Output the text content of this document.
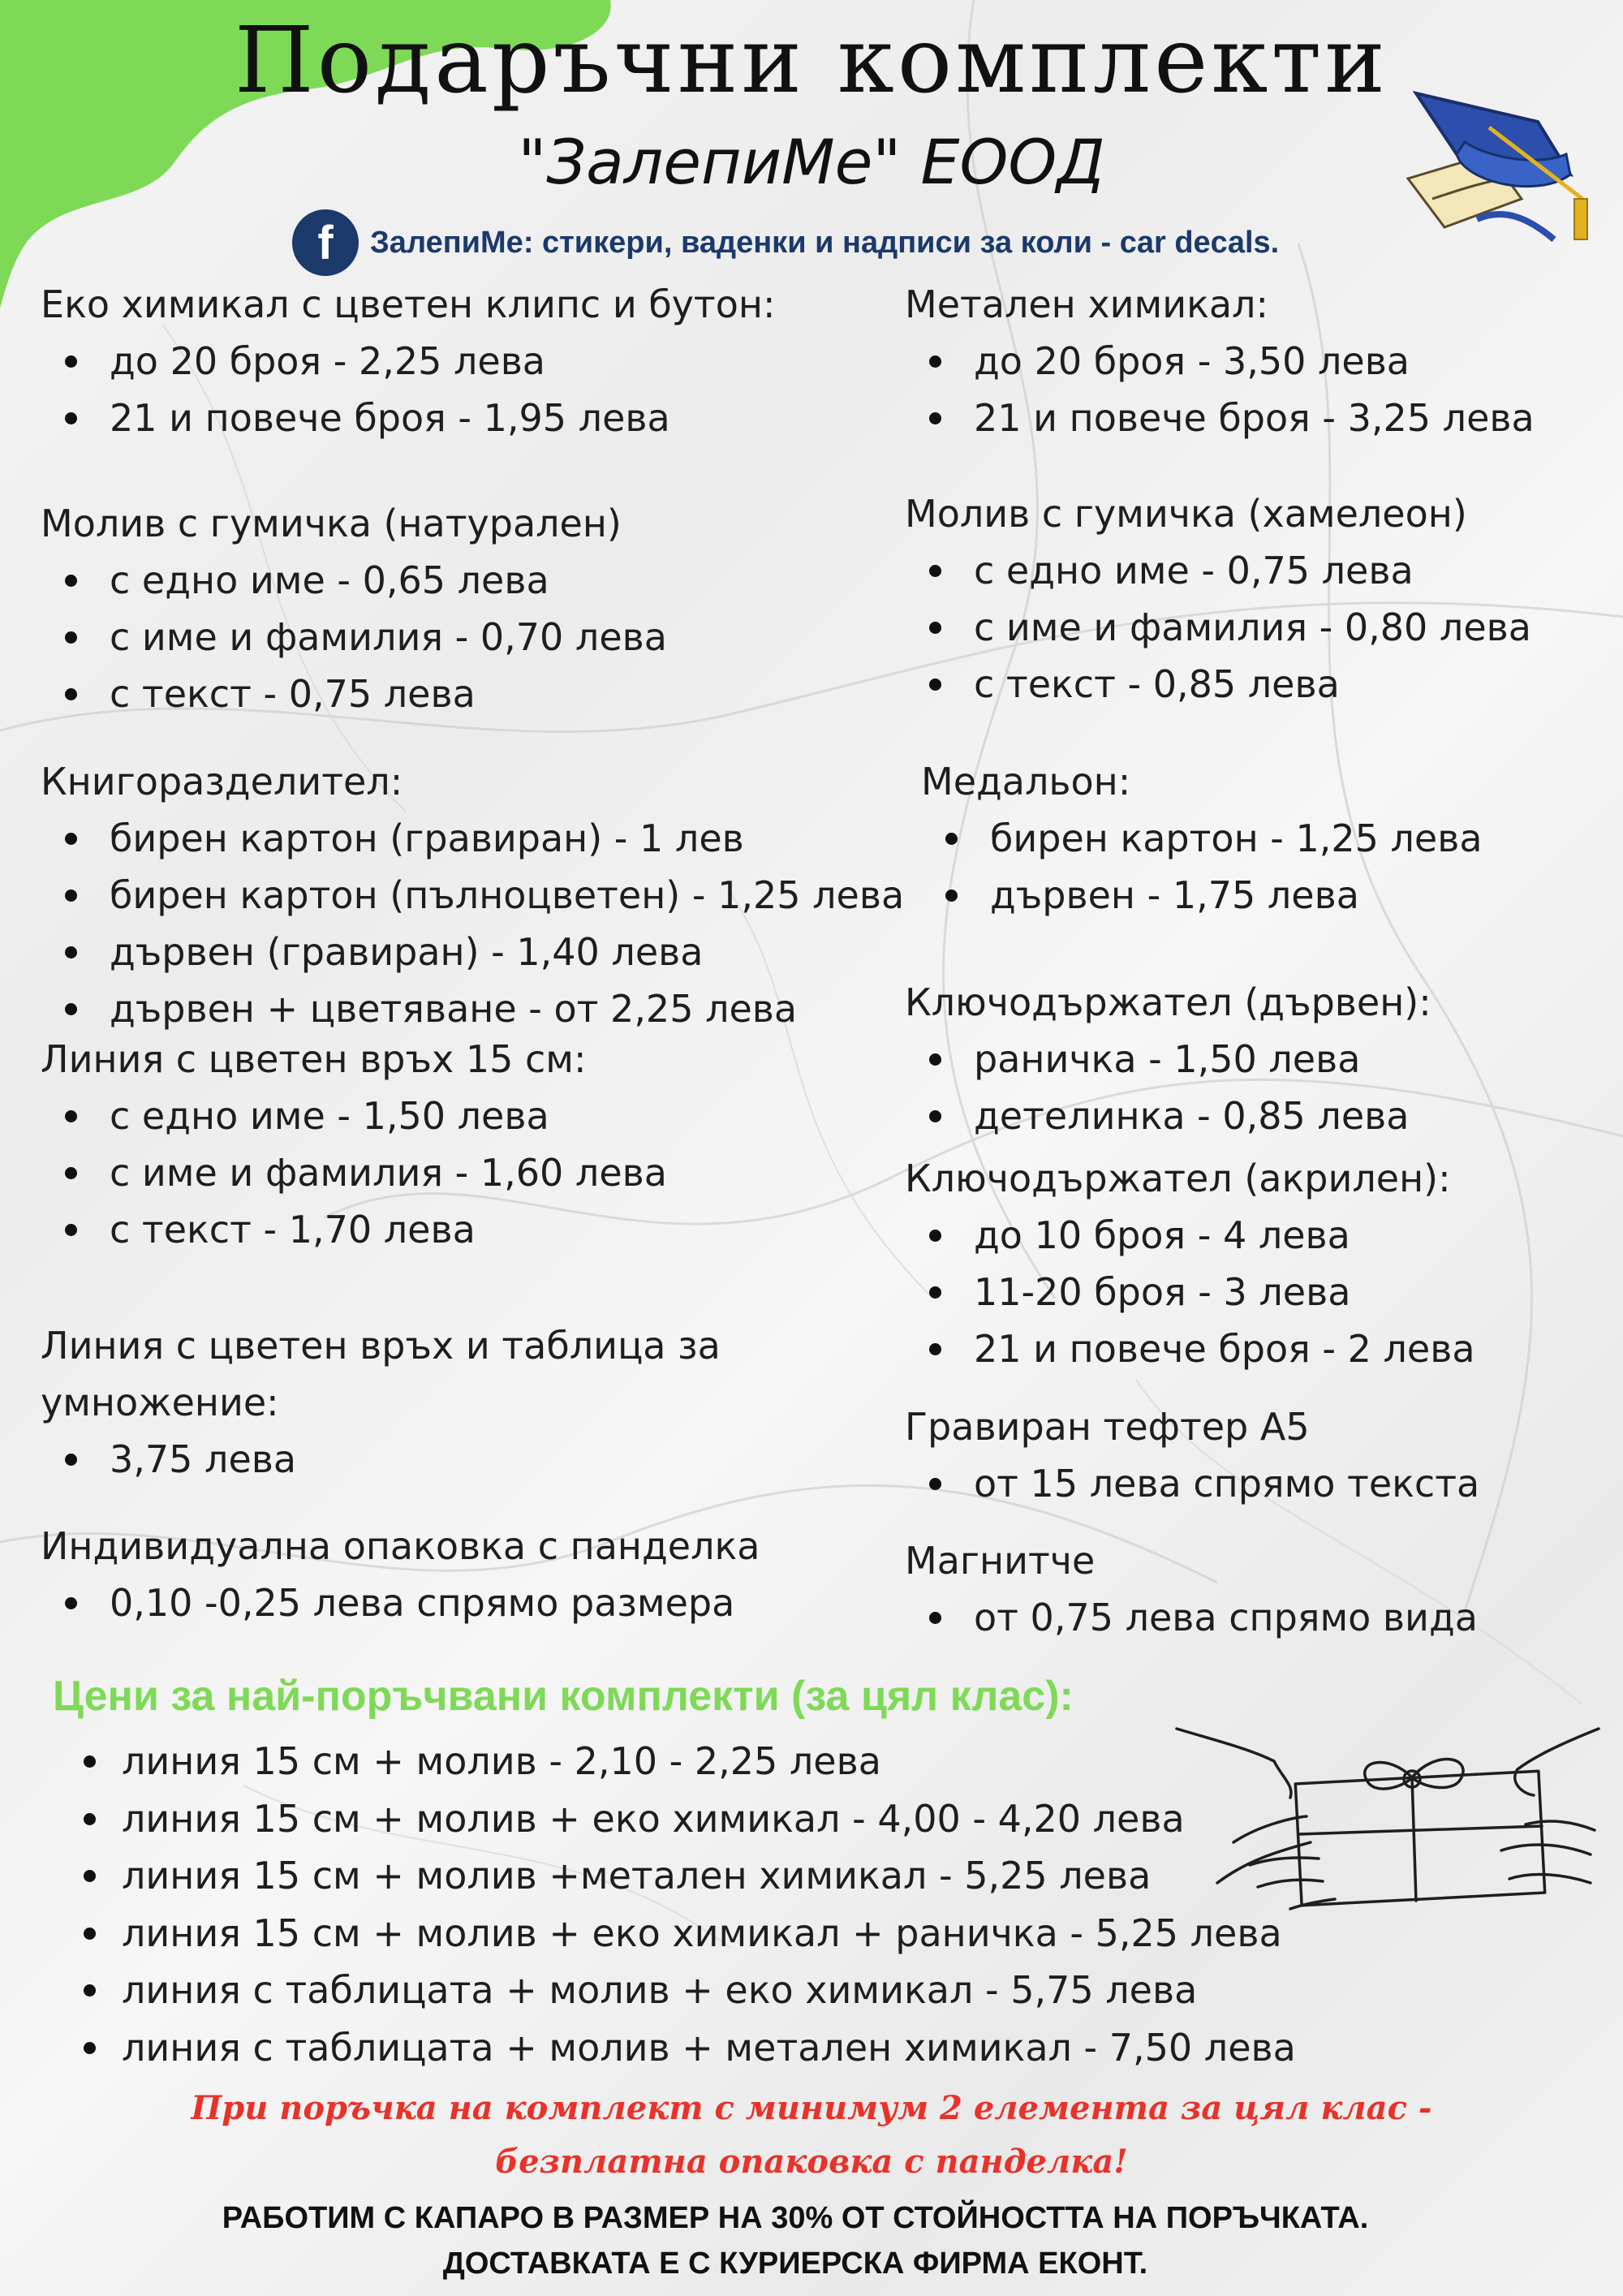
Подаръчни комплекти
"ЗалепиМе" ЕООД
f	ЗалепиМе: стикери, ваденки и надписи за коли - car decals.
Еко химикал с цветен клипс и бутон:
до 20 броя - 2,25 лева
21 и повече броя - 1,95 лева
Молив с гумичка (натурален)
с едно име - 0,65 лева
с име и фамилия - 0,70 лева
с текст - 0,75 лева
Книгоразделител:
бирен картон (гравиран) - 1 лев
бирен картон (пълноцветен) - 1,25 лева
дървен (гравиран) - 1,40 лева
дървен + цветяване - от 2,25 лева
Линия с цветен връх 15 см:
с едно име - 1,50 лева
с име и фамилия - 1,60 лева
с текст - 1,70 лева
Линия с цветен връх и таблица за
умножение:
3,75 лева
Индивидуална опаковка с панделка
0,10 -0,25 лева спрямо размера
Метален химикал:
до 20 броя - 3,50 лева
21 и повече броя - 3,25 лева
Молив с гумичка (хамелеон)
с едно име - 0,75 лева
с име и фамилия - 0,80 лева
с текст - 0,85 лева
Медальон:
бирен картон - 1,25 лева
дървен - 1,75 лева
Ключодържател (дървен):
раничка - 1,50 лева
детелинка - 0,85 лева
Ключодържател (акрилен):
до 10 броя - 4 лева
11-20 броя - 3 лева
21 и повече броя - 2 лева
Гравиран тефтер А5
от 15 лева спрямо текста
Магнитче
от 0,75 лева спрямо вида
Цени за най-поръчвани комплекти (за цял клас):
линия 15 см + молив - 2,10 - 2,25 лева
линия 15 см + молив + еко химикал - 4,00 - 4,20 лева
линия 15 см + молив +метален химикал - 5,25 лева
линия 15 см + молив + еко химикал + раничка - 5,25 лева
линия с таблицата + молив + еко химикал - 5,75 лева
линия с таблицата + молив + метален химикал - 7,50 лева
При поръчка на комплект с минимум 2 елемента за цял клас -
безплатна опаковка с панделка!
РАБОТИМ С КАПАРО В РАЗМЕР НА 30% ОТ СТОЙНОСТТА НА ПОРЪЧКАТА.
ДОСТАВКАТА Е С КУРИЕРСКА ФИРМА ЕКОНТ.
